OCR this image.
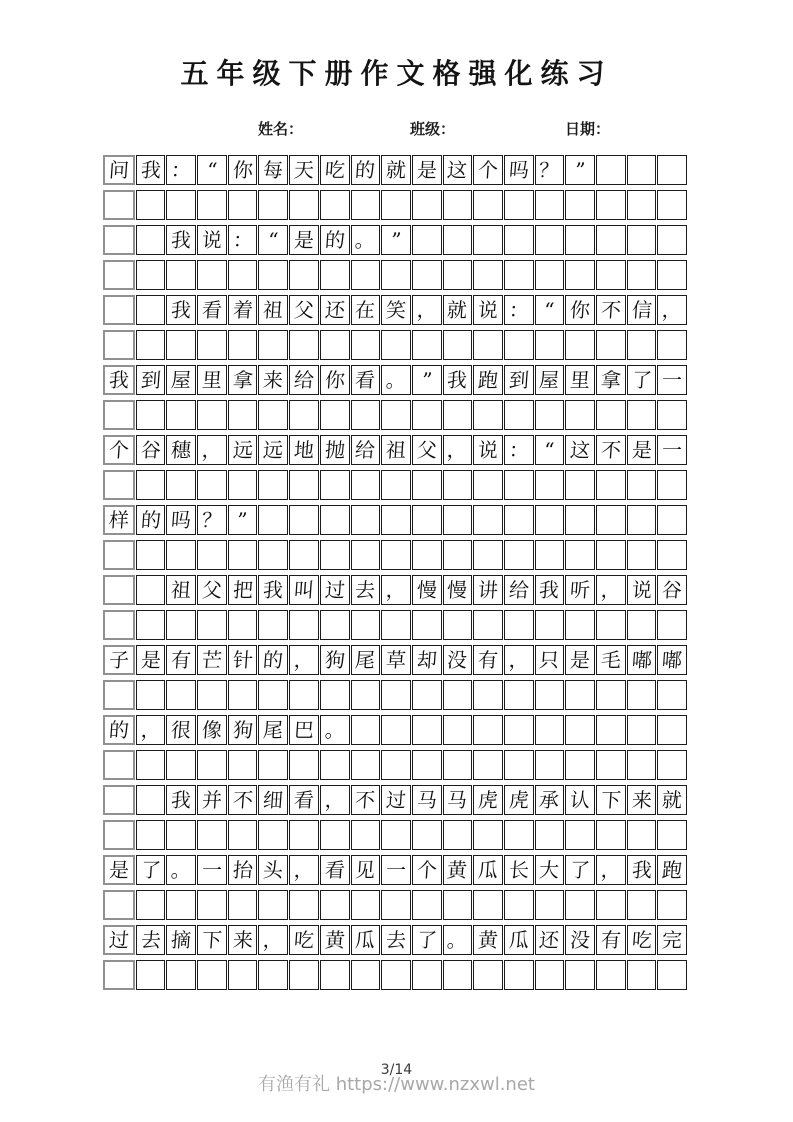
五年级下册作文格强化练习
姓名：	班级：	日期：
问 我 ： “ 你 每 天 吃 的 就 是 这 个 吗 ？ ”
我 说 ： “ 是 的 。 ”
我 看 着 祖 父 还 在 笑 ， 就 说 ： “ 你 不 信 ，
我 到 屋 里 拿 来 给 你 看 。 ” 我 跑 到 屋 里 拿 了 一
个 谷 穗 ， 远 远 地 抛 给 祖 父 ， 说 ： “ 这 不 是 一
样 的 吗 ？ ”
祖 父 把 我 叫 过 去 ， 慢 慢 讲 给 我 听 ， 说 谷
子 是 有 芒 针 的 ， 狗 尾 草 却 没 有 ， 只 是 毛 嘟 嘟
的 ， 很 像 狗 尾 巴 。
我 并 不 细 看 ， 不 过 马 马 虎 虎 承 认 下 来 就
是 了 。 一 抬 头 ， 看 见 一 个 黄 瓜 长 大 了 ， 我 跑
过 去 摘 下 来 ， 吃 黄 瓜 去 了 。 黄 瓜 还 没 有 吃 完
有渔有礼 https://www.nzxwl.net
3/14
